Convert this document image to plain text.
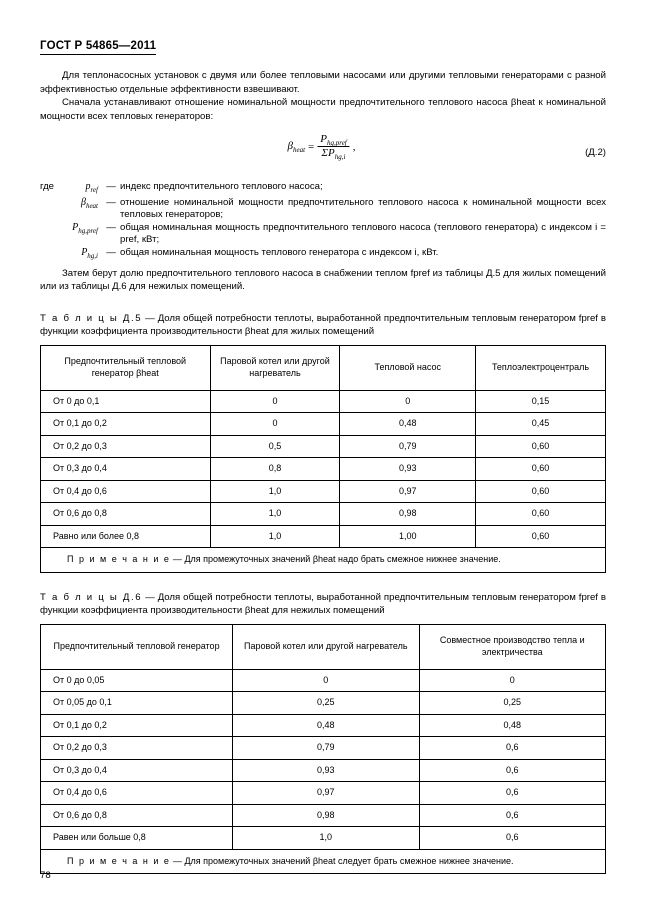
ГОСТ Р 54865—2011

Для теплонасосных установок с двумя или более тепловыми насосами или другими тепловыми генераторами с разной эффективностью отдельные эффективности взвешивают.

Сначала устанавливают отношение номинальной мощности предпочтительного теплового насоса βheat к номинальной мощности всех тепловых генераторов:

$\beta_{heat} = \frac{P_{hg,pref}}{\Sigma P_{hg,i}}$ ,	(Д.2)
где	$p_{ref}$ — индекс предпочтительного теплового насоса;
$\beta_{heat}$ — отношение номинальной мощности предпочтительного теплового насоса к номинальной мощности всех тепловых генераторов;
$P_{hg,pref}$ — общая номинальная мощность предпочтительного теплового насоса (теплового генератора) с индексом i = pref, кВт;
$P_{hg,i}$ — общая номинальная мощность теплового генератора с индексом i, кВт.

Затем берут долю предпочтительного теплового насоса в снабжении теплом fpref из таблицы Д.5 для жилых помещений или из таблицы Д.6 для нежилых помещений.

Т а б л и ц ы Д.5 — Доля общей потребности теплоты, выработанной предпочтительным тепловым генератором fpref в функции коэффициента производительности βheat для жилых помещений
Предпочтительный тепловой генератор βheat	Паровой котел или другой нагреватель	Тепловой насос	Теплоэлектроцентраль
От 0 до 0,1	0	0	0,15
От 0,1 до 0,2	0	0,48	0,45
От 0,2 до 0,3	0,5	0,79	0,60
От 0,3 до 0,4	0,8	0,93	0,60
От 0,4 до 0,6	1,0	0,97	0,60
От 0,6 до 0,8	1,0	0,98	0,60
Равно или более 0,8	1,0	1,00	0,60
П р и м е ч а н и е — Для промежуточных значений βheat надо брать смежное нижнее значение.			
Т а б л и ц ы Д.6 — Доля общей потребности теплоты, выработанной предпочтительным тепловым генератором fpref в функции коэффициента производительности βheat для нежилых помещений
Предпочтительный тепловой генератор	Паровой котел или другой нагреватель	Совместное производство тепла и электричества
От 0 до 0,05	0	0
От 0,05 до 0,1	0,25	0,25
От 0,1 до 0,2	0,48	0,48
От 0,2 до 0,3	0,79	0,6
От 0,3 до 0,4	0,93	0,6
От 0,4 до 0,6	0,97	0,6
От 0,6 до 0,8	0,98	0,6
Равен или больше 0,8	1,0	0,6
П р и м е ч а н и е — Для промежуточных значений βheat следует брать смежное нижнее значение.		
78
